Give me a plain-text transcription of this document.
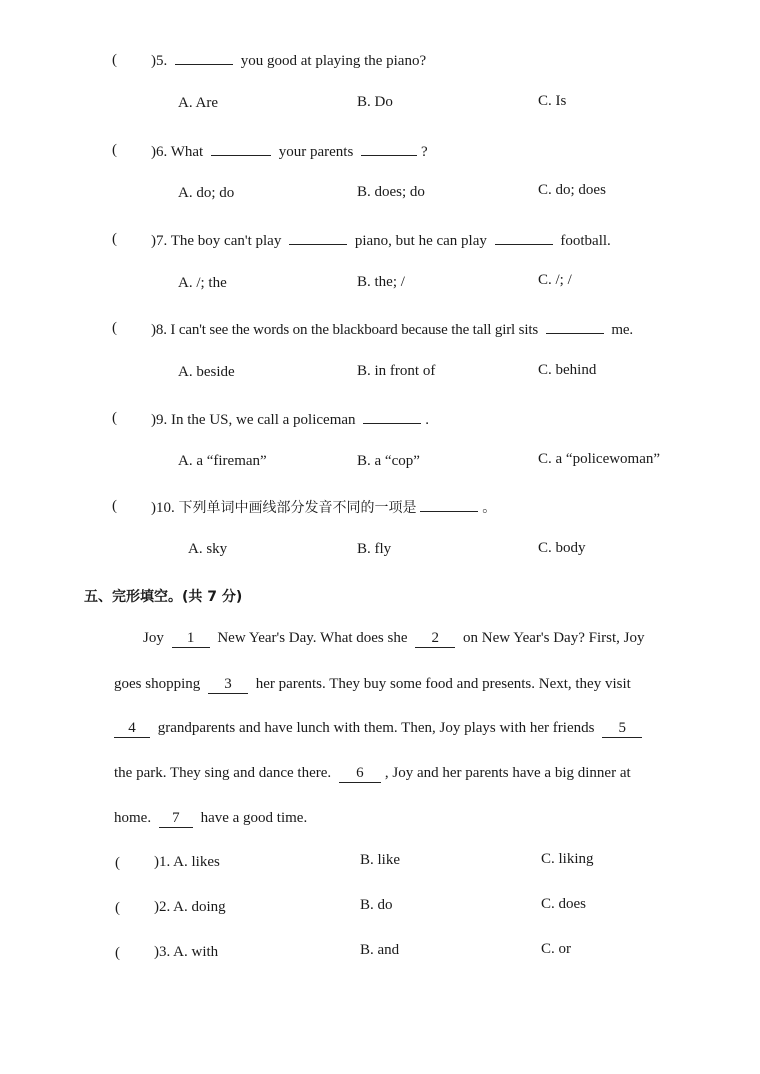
( )5.	you good at playing the piano?
A. Are	B. Do	C. Is
( )6. What	your parents	?
A. do; do	B. does; do	C. do; does
( )7. The boy can't play	piano, but he can play	football.
A. /; the	B. the; /	C. /; /
( )8. I can't see the words on the blackboard because the tall girl sits	me.
A. beside	B. in front of	C. behind
( )9. In the US, we call a policeman	.
A. a “fireman”	B. a “cop”	C. a “policewoman”
( )10. 下列单词中画线部分发音不同的一项是	。
A. sky	B. fly	C. body
五、完形填空。(共 7 分)
Joy 1 New Year's Day. What does she 2 on New Year's Day? First, Joy
goes shopping 3 her parents. They buy some food and presents. Next, they visit
4 grandparents and have lunch with them. Then, Joy plays with her friends 5
the park. They sing and dance there. 6 , Joy and her parents have a big dinner at
home. 7 have a good time.
( )1. A. likes	B. like	C. liking
( )2. A. doing	B. do	C. does
( )3. A. with	B. and	C. or
